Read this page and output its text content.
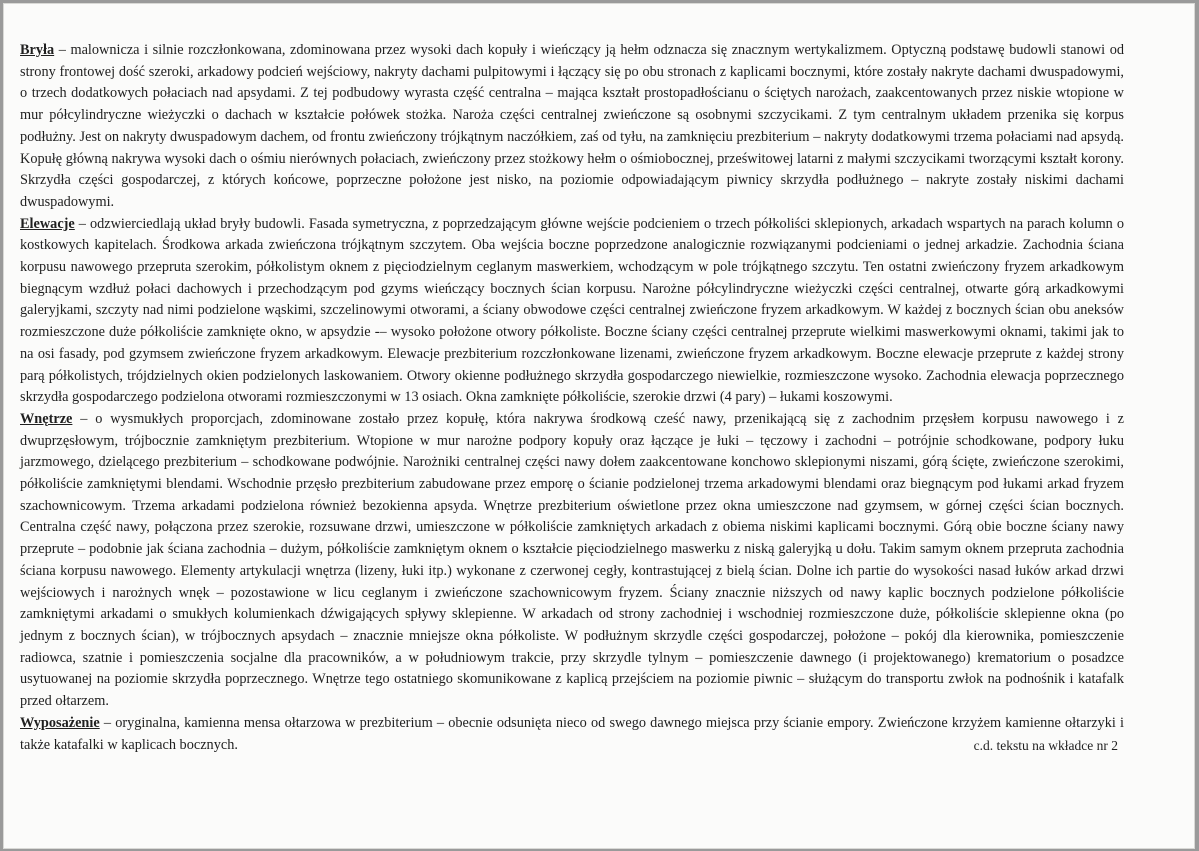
Bryła – malownicza i silnie rozczłonkowana, zdominowana przez wysoki dach kopuły i wieńczący ją hełm odznacza się znacznym wertykalizmem. Optyczną podstawę budowli stanowi od strony frontowej dość szeroki, arkadowy podcień wejściowy, nakryty dachami pulpitowymi i łączący się po obu stronach z kaplicami bocznymi, które zostały nakryte dachami dwuspadowymi, o trzech dodatkowych połaciach nad apsydami. Z tej podbudowy wyrasta część centralna – mająca kształt prostopadłościanu o ściętych narożach, zaakcentowanych przez niskie wtopione w mur półcylindryczne wieżyczki o dachach w kształcie połówek stożka. Naroża części centralnej zwieńczone są osobnymi szczycikami. Z tym centralnym układem przenika się korpus podłużny. Jest on nakryty dwuspadowym dachem, od frontu zwieńczony trójkątnym naczółkiem, zaś od tyłu, na zamknięciu prezbiterium – nakryty dodatkowymi trzema połaciami nad apsydą. Kopułę główną nakrywa wysoki dach o ośmiu nierównych połaciach, zwieńczony przez stożkowy hełm o ośmiobocznej, prześwitowej latarni z małymi szczycikami tworzącymi kształt korony. Skrzydła części gospodarczej, z których końcowe, poprzeczne położone jest nisko, na poziomie odpowiadającym piwnicy skrzydła podłużnego – nakryte zostały niskimi dachami dwuspadowymi.

Elewacje – odzwierciedlają układ bryły budowli. Fasada symetryczna, z poprzedzającym główne wejście podcieniem o trzech półkoliści sklepionych, arkadach wspartych na parach kolumn o kostkowych kapitelach. Środkowa arkada zwieńczona trójkątnym szczytem. Oba wejścia boczne poprzedzone analogicznie rozwiązanymi podcieniami o jednej arkadzie. Zachodnia ściana korpusu nawowego przepruta szerokim, półkolistym oknem z pięciodzielnym ceglanym maswerkiem, wchodzącym w pole trójkątnego szczytu. Ten ostatni zwieńczony fryzem arkadkowym biegnącym wzdłuż połaci dachowych i przechodzącym pod gzyms wieńczący bocznych ścian korpusu. Narożne półcylindryczne wieżyczki części centralnej, otwarte górą arkadkowymi galeryjkami, szczyty nad nimi podzielone wąskimi, szczelinowymi otworami, a ściany obwodowe części centralnej zwieńczone fryzem arkadkowym. W każdej z bocznych ścian obu aneksów rozmieszczone duże półkoliście zamknięte okno, w apsydzie -– wysoko położone otwory półkoliste. Boczne ściany części centralnej przeprute wielkimi maswerkowymi oknami, takimi jak to na osi fasady, pod gzymsem zwieńczone fryzem arkadkowym. Elewacje prezbiterium rozczłonkowane lizenami, zwieńczone fryzem arkadkowym. Boczne elewacje przeprute z każdej strony parą półkolistych, trójdzielnych okien podzielonych laskowaniem. Otwory okienne podłużnego skrzydła gospodarczego niewielkie, rozmieszczone wysoko. Zachodnia elewacja poprzecznego skrzydła gospodarczego podzielona otworami rozmieszczonymi w 13 osiach. Okna zamknięte półkoliście, szerokie drzwi (4 pary) – łukami koszowymi.

Wnętrze – o wysmukłych proporcjach, zdominowane zostało przez kopułę, która nakrywa środkową cześć nawy, przenikającą się z zachodnim przęsłem korpusu nawowego i z dwuprzęsłowym, trójbocznie zamkniętym prezbiterium. Wtopione w mur narożne podpory kopuły oraz łączące je łuki – tęczowy i zachodni – potrójnie schodkowane, podpory łuku jarzmowego, dzielącego prezbiterium – schodkowane podwójnie. Narożniki centralnej części nawy dołem zaakcentowane konchowo sklepionymi niszami, górą ścięte, zwieńczone szerokimi, półkoliście zamkniętymi blendami. Wschodnie przęsło prezbiterium zabudowane przez emporę o ścianie podzielonej trzema arkadowymi blendami oraz biegnącym pod łukami arkad fryzem szachownicowym. Trzema arkadami podzielona również bezokienna apsyda. Wnętrze prezbiterium oświetlone przez okna umieszczone nad gzymsem, w górnej części ścian bocznych. Centralna część nawy, połączona przez szerokie, rozsuwane drzwi, umieszczone w półkoliście zamkniętych arkadach z obiema niskimi kaplicami bocznymi. Górą obie boczne ściany nawy przeprute – podobnie jak ściana zachodnia – dużym, półkoliście zamkniętym oknem o kształcie pięciodzielnego maswerku z niską galeryjką u dołu. Takim samym oknem przepruta zachodnia ściana korpusu nawowego. Elementy artykulacji wnętrza (lizeny, łuki itp.) wykonane z czerwonej cegły, kontrastującej z bielą ścian. Dolne ich partie do wysokości nasad łuków arkad drzwi wejściowych i narożnych wnęk – pozostawione w licu ceglanym i zwieńczone szachownicowym fryzem. Ściany znacznie niższych od nawy kaplic bocznych podzielone półkoliście zamkniętymi arkadami o smukłych kolumienkach dźwigających spływy sklepienne. W arkadach od strony zachodniej i wschodniej rozmieszczone duże, półkoliście sklepienne okna (po jednym z bocznych ścian), w trójbocznych apsydach – znacznie mniejsze okna półkoliste. W podłużnym skrzydle części gospodarczej, położone – pokój dla kierownika, pomieszczenie radiowca, szatnie i pomieszczenia socjalne dla pracowników, a w południowym trakcie, przy skrzydle tylnym – pomieszczenie dawnego (i projektowanego) krematorium o posadzce usytuowanej na poziomie skrzydła poprzecznego. Wnętrze tego ostatniego skomunikowane z kaplicą przejściem na poziomie piwnic – służącym do transportu zwłok na podnośnik i katafalk przed ołtarzem.

Wyposażenie – oryginalna, kamienna mensa ołtarzowa w prezbiterium – obecnie odsunięta nieco od swego dawnego miejsca przy ścianie empory. Zwieńczone krzyżem kamienne ołtarzyki i także katafalki w kaplicach bocznych.	c.d. tekstu na wkładce nr 2
